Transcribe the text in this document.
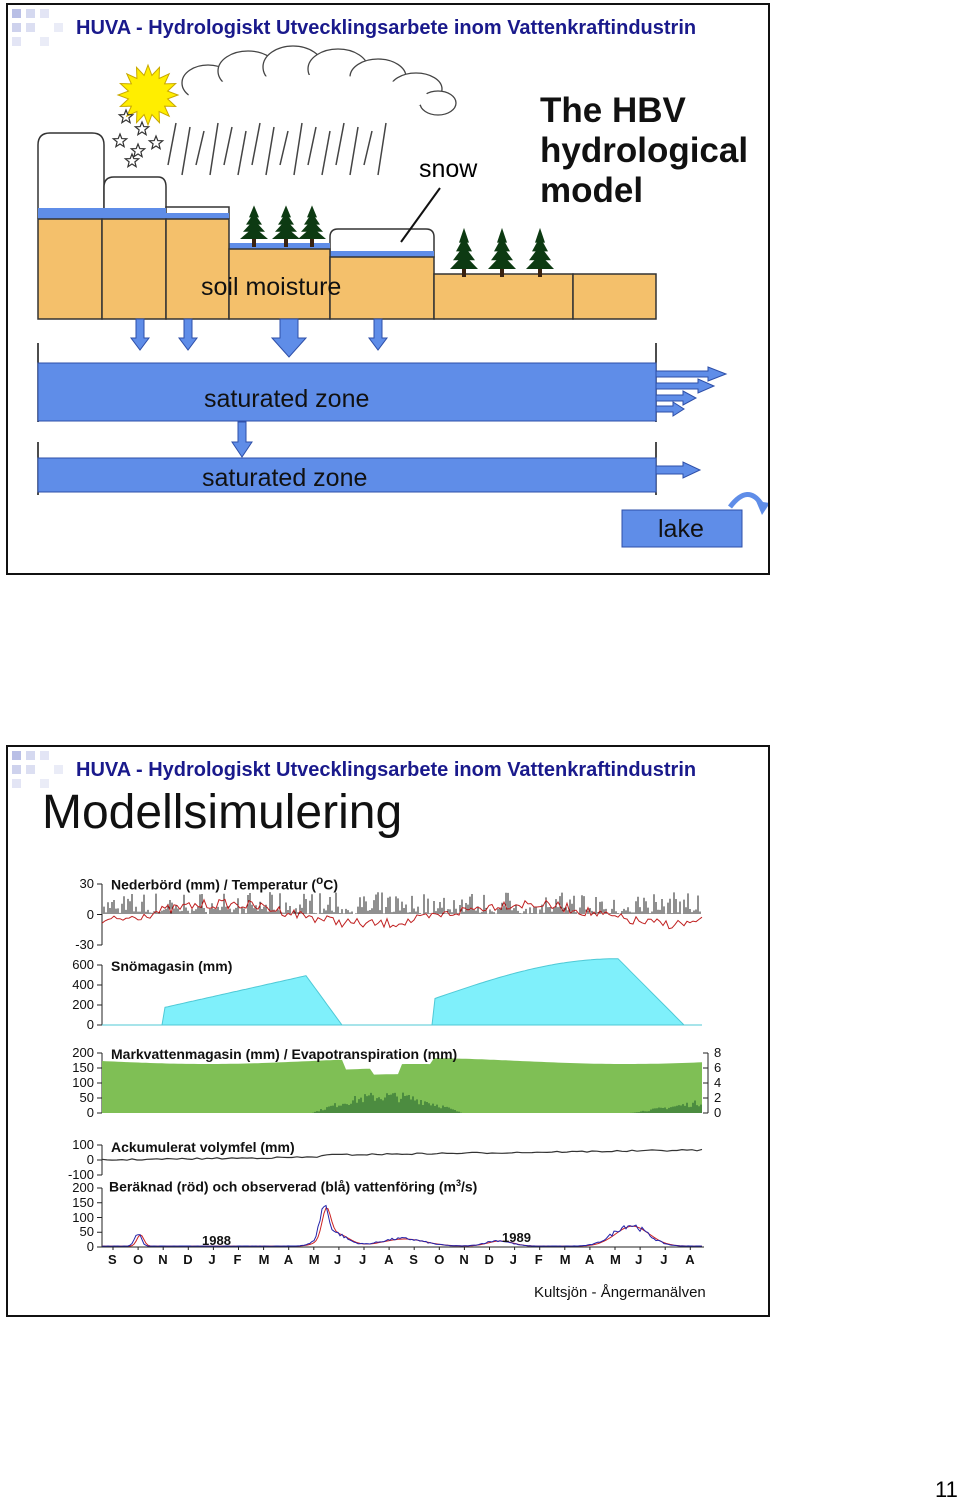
HUVA - Hydrologiskt Utvecklingsarbete inom Vattenkraftindustrin
The HBV hydrological model
snow
soil moisture
saturated zone
saturated zone
lake
HUVA - Hydrologiskt Utvecklingsarbete inom Vattenkraftindustrin
Modellsimulering
Nederbörd (mm) / Temperatur ($^o$C)
Snömagasin (mm)
Markvattenmagasin (mm) / Evapotranspiration (mm)
Ackumulerat volymfel (mm)
Beräknad (röd) och observerad (blå) vattenföring $(m^3/s)$
1988	1989
30
0
-30
600
400
200
0
200
150
100
50
0
8
6
4
2
0
100
0
-100
200
150
100
50
0
S O N D J F M A M J J A S O N D J F M A M J J A
Kultsjön - Ångermanälven
11
